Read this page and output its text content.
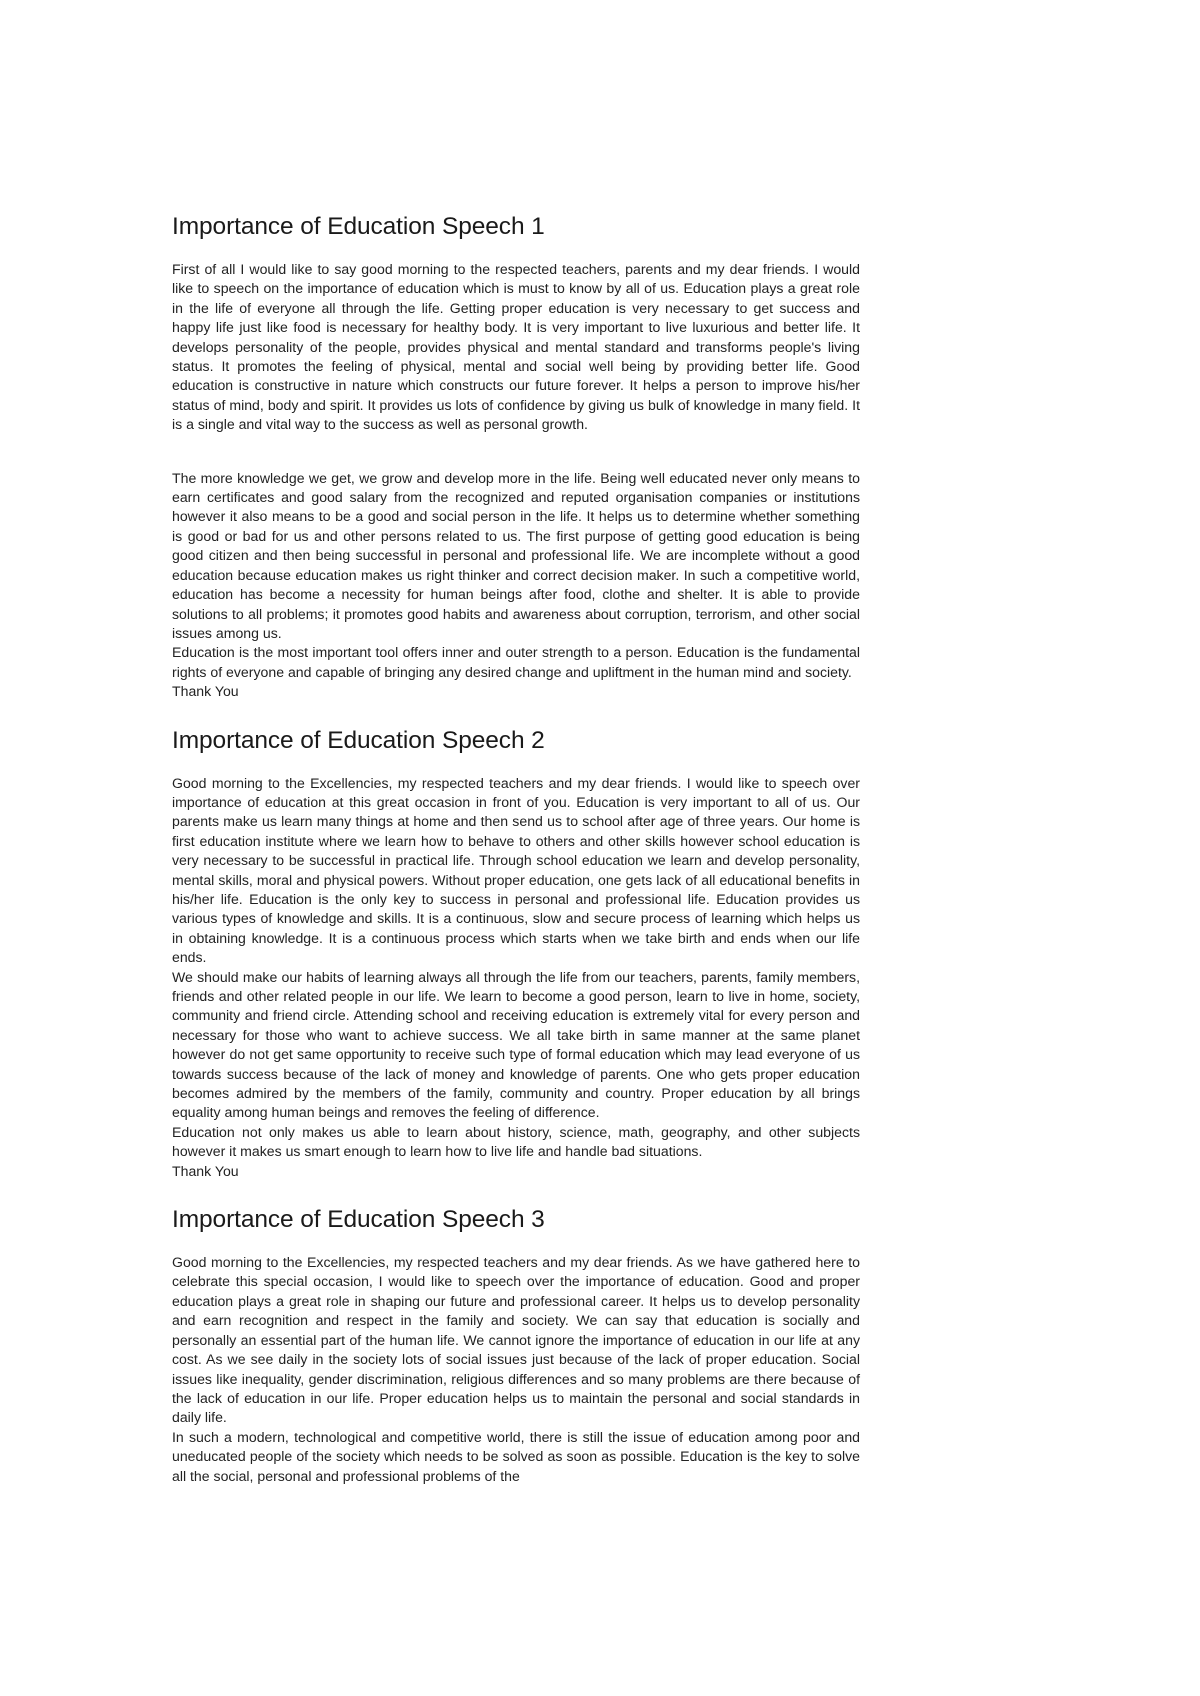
Importance of Education Speech 1

First of all I would like to say good morning to the respected teachers, parents and my dear friends. I would like to speech on the importance of education which is must to know by all of us. Education plays a great role in the life of everyone all through the life. Getting proper education is very necessary to get success and happy life just like food is necessary for healthy body. It is very important to live luxurious and better life. It develops personality of the people, provides physical and mental standard and transforms people's living status. It promotes the feeling of physical, mental and social well being by providing better life. Good education is constructive in nature which constructs our future forever. It helps a person to improve his/her status of mind, body and spirit. It provides us lots of confidence by giving us bulk of knowledge in many field. It is a single and vital way to the success as well as personal growth.

The more knowledge we get, we grow and develop more in the life. Being well educated never only means to earn certificates and good salary from the recognized and reputed organisation companies or institutions however it also means to be a good and social person in the life. It helps us to determine whether something is good or bad for us and other persons related to us. The first purpose of getting good education is being good citizen and then being successful in personal and professional life. We are incomplete without a good education because education makes us right thinker and correct decision maker. In such a competitive world, education has become a necessity for human beings after food, clothe and shelter. It is able to provide solutions to all problems; it promotes good habits and awareness about corruption, terrorism, and other social issues among us.

Education is the most important tool offers inner and outer strength to a person. Education is the fundamental rights of everyone and capable of bringing any desired change and upliftment in the human mind and society.

Thank You

Importance of Education Speech 2

Good morning to the Excellencies, my respected teachers and my dear friends. I would like to speech over importance of education at this great occasion in front of you. Education is very important to all of us. Our parents make us learn many things at home and then send us to school after age of three years. Our home is first education institute where we learn how to behave to others and other skills however school education is very necessary to be successful in practical life. Through school education we learn and develop personality, mental skills, moral and physical powers. Without proper education, one gets lack of all educational benefits in his/her life. Education is the only key to success in personal and professional life. Education provides us various types of knowledge and skills. It is a continuous, slow and secure process of learning which helps us in obtaining knowledge. It is a continuous process which starts when we take birth and ends when our life ends.

We should make our habits of learning always all through the life from our teachers, parents, family members, friends and other related people in our life. We learn to become a good person, learn to live in home, society, community and friend circle. Attending school and receiving education is extremely vital for every person and necessary for those who want to achieve success. We all take birth in same manner at the same planet however do not get same opportunity to receive such type of formal education which may lead everyone of us towards success because of the lack of money and knowledge of parents. One who gets proper education becomes admired by the members of the family, community and country. Proper education by all brings equality among human beings and removes the feeling of difference.

Education not only makes us able to learn about history, science, math, geography, and other subjects however it makes us smart enough to learn how to live life and handle bad situations.

Thank You

Importance of Education Speech 3

Good morning to the Excellencies, my respected teachers and my dear friends. As we have gathered here to celebrate this special occasion, I would like to speech over the importance of education. Good and proper education plays a great role in shaping our future and professional career. It helps us to develop personality and earn recognition and respect in the family and society. We can say that education is socially and personally an essential part of the human life. We cannot ignore the importance of education in our life at any cost. As we see daily in the society lots of social issues just because of the lack of proper education. Social issues like inequality, gender discrimination, religious differences and so many problems are there because of the lack of education in our life. Proper education helps us to maintain the personal and social standards in daily life.

In such a modern, technological and competitive world, there is still the issue of education among poor and uneducated people of the society which needs to be solved as soon as possible. Education is the key to solve all the social, personal and professional problems of the
